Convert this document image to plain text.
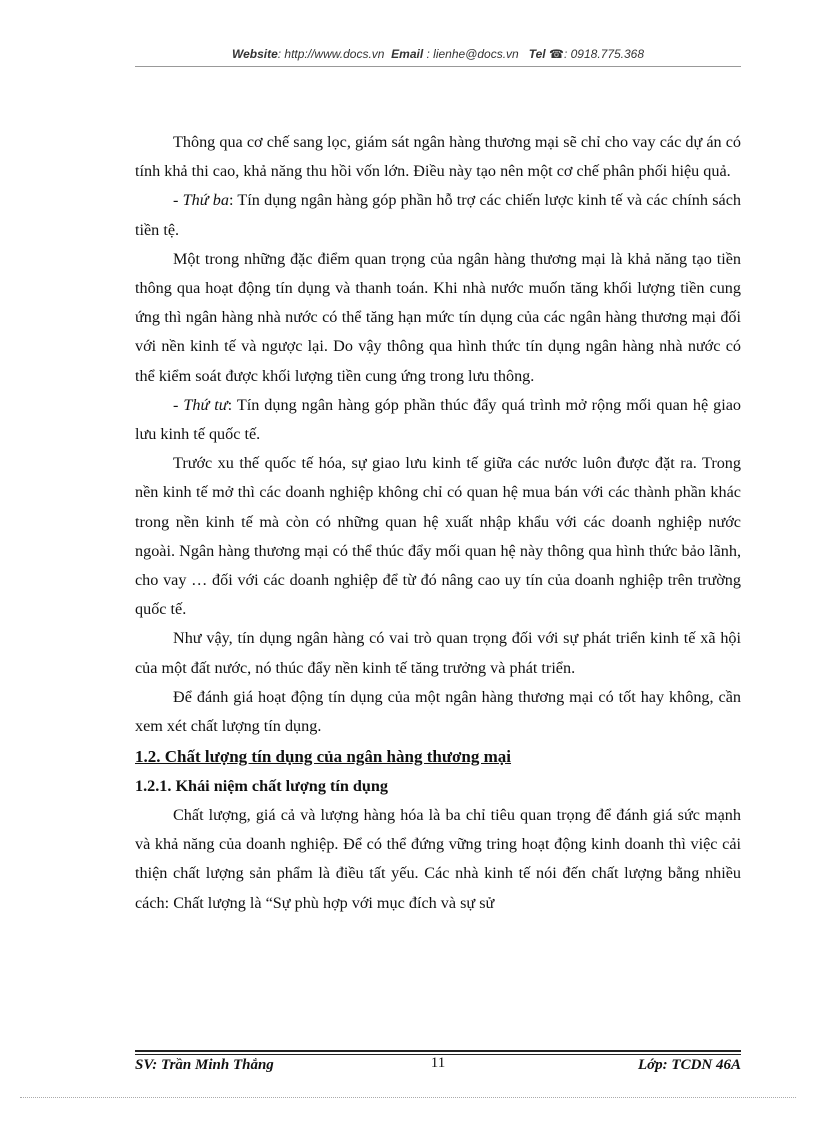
Website: http://www.docs.vn Email : lienhe@docs.vn Tel ☎: 0918.775.368

Thông qua cơ chế sang lọc, giám sát ngân hàng thương mại sẽ chỉ cho vay các dự án có tính khả thi cao, khả năng thu hồi vốn lớn. Điều này tạo nên một cơ chế phân phối hiệu quả.

- Thứ ba: Tín dụng ngân hàng góp phần hỗ trợ các chiến lược kinh tế và các chính sách tiền tệ.

Một trong những đặc điểm quan trọng của ngân hàng thương mại là khả năng tạo tiền thông qua hoạt động tín dụng và thanh toán. Khi nhà nước muốn tăng khối lượng tiền cung ứng thì ngân hàng nhà nước có thể tăng hạn mức tín dụng của các ngân hàng thương mại đối với nền kinh tế và ngược lại. Do vậy thông qua hình thức tín dụng ngân hàng nhà nước có thể kiểm soát được khối lượng tiền cung ứng trong lưu thông.

- Thứ tư: Tín dụng ngân hàng góp phần thúc đẩy quá trình mở rộng mối quan hệ giao lưu kinh tế quốc tế.

Trước xu thế quốc tế hóa, sự giao lưu kinh tế giữa các nước luôn được đặt ra. Trong nền kinh tế mở thì các doanh nghiệp không chỉ có quan hệ mua bán với các thành phần khác trong nền kinh tế mà còn có những quan hệ xuất nhập khẩu với các doanh nghiệp nước ngoài. Ngân hàng thương mại có thể thúc đẩy mối quan hệ này thông qua hình thức bảo lãnh, cho vay … đối với các doanh nghiệp để từ đó nâng cao uy tín của doanh nghiệp trên trường quốc tế.

Như vậy, tín dụng ngân hàng có vai trò quan trọng đối với sự phát triển kinh tế xã hội của một đất nước, nó thúc đẩy nền kinh tế tăng trưởng và phát triển.

Để đánh giá hoạt động tín dụng của một ngân hàng thương mại có tốt hay không, cần xem xét chất lượng tín dụng.

1.2. Chất lượng tín dụng của ngân hàng thương mại

1.2.1. Khái niệm chất lượng tín dụng

Chất lượng, giá cả và lượng hàng hóa là ba chỉ tiêu quan trọng để đánh giá sức mạnh và khả năng của doanh nghiệp. Để có thể đứng vững tring hoạt động kinh doanh thì việc cải thiện chất lượng sản phẩm là điều tất yếu. Các nhà kinh tế nói đến chất lượng bằng nhiều cách: Chất lượng là “Sự phù hợp với mục đích và sự sử

SV: Trần Minh Thắng	11	Lớp: TCDN 46A
